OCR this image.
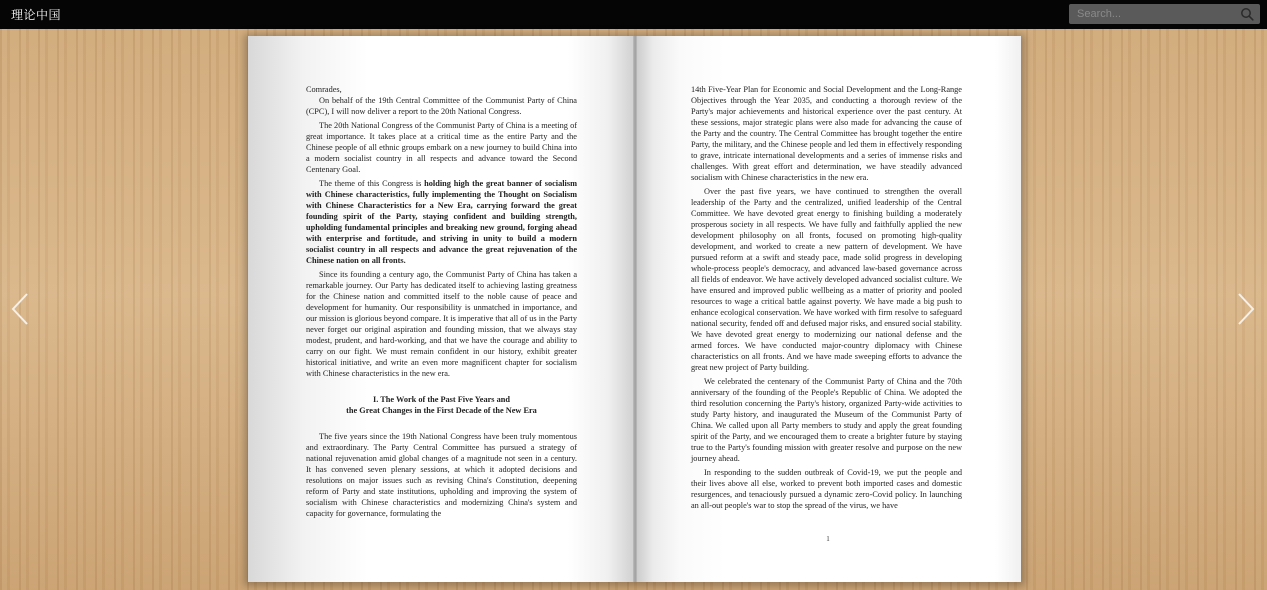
理论中国
Search...

Comrades,

On behalf of the 19th Central Committee of the Communist Party of China (CPC), I will now deliver a report to the 20th National Congress.

The 20th National Congress of the Communist Party of China is a meeting of great importance. It takes place at a critical time as the entire Party and the Chinese people of all ethnic groups embark on a new journey to build China into a modern socialist country in all respects and advance toward the Second Centenary Goal.

The theme of this Congress is holding high the great banner of socialism with Chinese characteristics, fully implementing the Thought on Socialism with Chinese Characteristics for a New Era, carrying forward the great founding spirit of the Party, staying confident and building strength, upholding fundamental principles and breaking new ground, forging ahead with enterprise and fortitude, and striving in unity to build a modern socialist country in all respects and advance the great rejuvenation of the Chinese nation on all fronts.

Since its founding a century ago, the Communist Party of China has taken a remarkable journey. Our Party has dedicated itself to achieving lasting greatness for the Chinese nation and committed itself to the noble cause of peace and development for humanity. Our responsibility is unmatched in importance, and our mission is glorious beyond compare. It is imperative that all of us in the Party never forget our original aspiration and founding mission, that we always stay modest, prudent, and hard-working, and that we have the courage and ability to carry on our fight. We must remain confident in our history, exhibit greater historical initiative, and write an even more magnificent chapter for socialism with Chinese characteristics in the new era.

I. The Work of the Past Five Years and
the Great Changes in the First Decade of the New Era

The five years since the 19th National Congress have been truly momentous and extraordinary. The Party Central Committee has pursued a strategy of national rejuvenation amid global changes of a magnitude not seen in a century. It has convened seven plenary sessions, at which it adopted decisions and resolutions on major issues such as revising China's Constitution, deepening reform of Party and state institutions, upholding and improving the system of socialism with Chinese characteristics and modernizing China's system and capacity for governance, formulating the

14th Five-Year Plan for Economic and Social Development and the Long-Range Objectives through the Year 2035, and conducting a thorough review of the Party's major achievements and historical experience over the past century. At these sessions, major strategic plans were also made for advancing the cause of the Party and the country. The Central Committee has brought together the entire Party, the military, and the Chinese people and led them in effectively responding to grave, intricate international developments and a series of immense risks and challenges. With great effort and determination, we have steadily advanced socialism with Chinese characteristics in the new era.

Over the past five years, we have continued to strengthen the overall leadership of the Party and the centralized, unified leadership of the Central Committee. We have devoted great energy to finishing building a moderately prosperous society in all respects. We have fully and faithfully applied the new development philosophy on all fronts, focused on promoting high-quality development, and worked to create a new pattern of development. We have pursued reform at a swift and steady pace, made solid progress in developing whole-process people's democracy, and advanced law-based governance across all fields of endeavor. We have actively developed advanced socialist culture. We have ensured and improved public wellbeing as a matter of priority and pooled resources to wage a critical battle against poverty. We have made a big push to enhance ecological conservation. We have worked with firm resolve to safeguard national security, fended off and defused major risks, and ensured social stability. We have devoted great energy to modernizing our national defense and the armed forces. We have conducted major-country diplomacy with Chinese characteristics on all fronts. And we have made sweeping efforts to advance the great new project of Party building.

We celebrated the centenary of the Communist Party of China and the 70th anniversary of the founding of the People's Republic of China. We adopted the third resolution concerning the Party's history, organized Party-wide activities to study Party history, and inaugurated the Museum of the Communist Party of China. We called upon all Party members to study and apply the great founding spirit of the Party, and we encouraged them to create a brighter future by staying true to the Party's founding mission with greater resolve and purpose on the new journey ahead.

In responding to the sudden outbreak of Covid-19, we put the people and their lives above all else, worked to prevent both imported cases and domestic resurgences, and tenaciously pursued a dynamic zero-Covid policy. In launching an all-out people's war to stop the spread of the virus, we have

1
